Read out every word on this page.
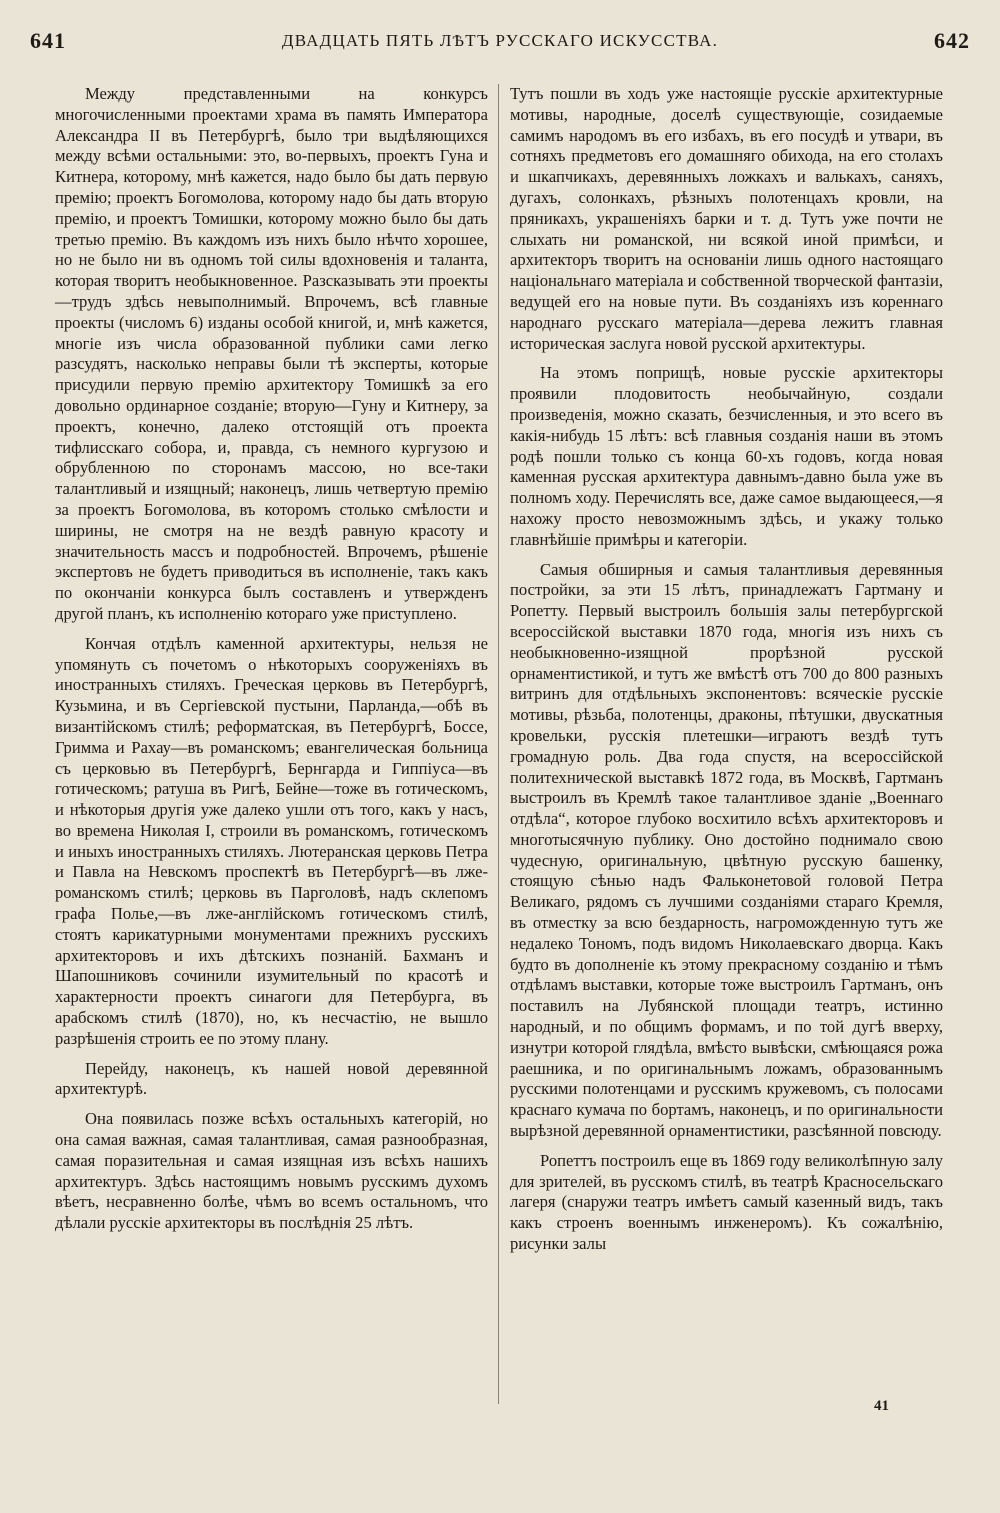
641	ДВАДЦАТЬ ПЯТЬ ЛѢТЪ РУССКАГО ИСКУССТВА.	642

Между представленными на конкурсъ многочисленными проектами храма въ память Императора Александра II въ Петербургѣ, было три выдѣляющихся между всѣми остальными: это, во-первыхъ, проектъ Гуна и Китнера, которому, мнѣ кажется, надо было бы дать первую премію; проектъ Богомолова, которому надо бы дать вторую премію, и проектъ Томишки, которому можно было бы дать третью премію. Въ каждомъ изъ нихъ было нѣчто хорошее, но не было ни въ одномъ той силы вдохновенія и таланта, которая творитъ необыкновенное. Разсказывать эти проекты—трудъ здѣсь невыполнимый. Впрочемъ, всѣ главные проекты (числомъ 6) изданы особой книгой, и, мнѣ кажется, многіе изъ числа образованной публики сами легко разсудятъ, насколько неправы были тѣ эксперты, которые присудили первую премію архитектору Томишкѣ за его довольно ординарное созданіе; вторую—Гуну и Китнеру, за проектъ, конечно, далеко отстоящій отъ проекта тифлисскаго собора, и, правда, съ немного кургузою и обрубленною по сторонамъ массою, но все-таки талантливый и изящный; наконецъ, лишь четвертую премію за проектъ Богомолова, въ которомъ столько смѣлости и ширины, не смотря на не вездѣ равную красоту и значительность массъ и подробностей. Впрочемъ, рѣшеніе экспертовъ не будетъ приводиться въ исполненіе, такъ какъ по окончаніи конкурса былъ составленъ и утвержденъ другой планъ, къ исполненію котораго уже приступлено.

Кончая отдѣлъ каменной архитектуры, нельзя не упомянуть съ почетомъ о нѣкоторыхъ сооруженіяхъ въ иностранныхъ стиляхъ. Греческая церковь въ Петербургѣ, Кузьмина, и въ Сергіевской пустыни, Парланда,—обѣ въ византійскомъ стилѣ; реформатская, въ Петербургѣ, Боссе, Гримма и Рахау—въ романскомъ; евангелическая больница съ церковью въ Петербургѣ, Бернгарда и Гиппіуса—въ готическомъ; ратуша въ Ригѣ, Бейне—тоже въ готическомъ, и нѣкоторыя другія уже далеко ушли отъ того, какъ у насъ, во времена Николая I, строили въ романскомъ, готическомъ и иныхъ иностранныхъ стиляхъ. Лютеранская церковь Петра и Павла на Невскомъ проспектѣ въ Петербургѣ—въ лже-романскомъ стилѣ; церковь въ Парголовѣ, надъ склепомъ графа Полье,—въ лже-англійскомъ готическомъ стилѣ, стоятъ карикатурными монументами прежнихъ русскихъ архитекторовъ и ихъ дѣтскихъ познаній. Бахманъ и Шапошниковъ сочинили изумительный по красотѣ и характерности проектъ синагоги для Петербурга, въ арабскомъ стилѣ (1870), но, къ несчастію, не вышло разрѣшенія строить ее по этому плану.

Перейду, наконецъ, къ нашей новой деревянной архитектурѣ.

Она появилась позже всѣхъ остальныхъ категорій, но она самая важная, самая талантливая, самая разнообразная, самая поразительная и самая изящная изъ всѣхъ нашихъ архитектуръ. Здѣсь настоящимъ новымъ русскимъ духомъ вѣетъ, несравненно болѣе, чѣмъ во всемъ остальномъ, что дѣлали русскіе архитекторы въ послѣднія 25 лѣтъ.

Тутъ пошли въ ходъ уже настоящіе русскіе архитектурные мотивы, народные, доселѣ существующіе, созидаемые самимъ народомъ въ его избахъ, въ его посудѣ и утвари, въ сотняхъ предметовъ его домашняго обихода, на его столахъ и шкапчикахъ, деревянныхъ ложкахъ и валькахъ, саняхъ, дугахъ, солонкахъ, рѣзныхъ полотенцахъ кровли, на пряникахъ, украшеніяхъ барки и т. д. Тутъ уже почти не слыхать ни романской, ни всякой иной примѣси, и архитекторъ творитъ на основаніи лишь одного настоящаго національнаго матеріала и собственной творческой фантазіи, ведущей его на новые пути. Въ созданіяхъ изъ кореннаго народнаго русскаго матеріала—дерева лежитъ главная историческая заслуга новой русской архитектуры.

На этомъ поприщѣ, новые русскіе архитекторы проявили плодовитость необычайную, создали произведенія, можно сказать, безчисленныя, и это всего въ какія-нибудь 15 лѣтъ: всѣ главныя созданія наши въ этомъ родѣ пошли только съ конца 60-хъ годовъ, когда новая каменная русская архитектура давнымъ-давно была уже въ полномъ ходу. Перечислять все, даже самое выдающееся,—я нахожу просто невозможнымъ здѣсь, и укажу только главнѣйшіе примѣры и категоріи.

Самыя обширныя и самыя талантливыя деревянныя постройки, за эти 15 лѣтъ, принадлежатъ Гартману и Ропетту. Первый выстроилъ большія залы петербургской всероссійской выставки 1870 года, многія изъ нихъ съ необыкновенно-изящной прорѣзной русской орнаментистикой, и тутъ же вмѣстѣ отъ 700 до 800 разныхъ витринъ для отдѣльныхъ экспонентовъ: всяческіе русскіе мотивы, рѣзьба, полотенцы, драконы, пѣтушки, двускатныя кровельки, русскія плетешки—играютъ вездѣ тутъ громадную роль. Два года спустя, на всероссійской политехнической выставкѣ 1872 года, въ Москвѣ, Гартманъ выстроилъ въ Кремлѣ такое талантливое зданіе „Военнаго отдѣла“, которое глубоко восхитило всѣхъ архитекторовъ и многотысячную публику. Оно достойно поднимало свою чудесную, оригинальную, цвѣтную русскую башенку, стоящую сѣнью надъ Фальконетовой головой Петра Великаго, рядомъ съ лучшими созданіями стараго Кремля, въ отместку за всю бездарность, нагроможденную тутъ же недалеко Тономъ, подъ видомъ Николаевскаго дворца. Какъ будто въ дополненіе къ этому прекрасному созданію и тѣмъ отдѣламъ выставки, которые тоже выстроилъ Гартманъ, онъ поставилъ на Лубянской площади театръ, истинно народный, и по общимъ формамъ, и по той дугѣ вверху, изнутри которой глядѣла, вмѣсто вывѣски, смѣющаяся рожа раешника, и по оригинальнымъ ложамъ, образованнымъ русскими полотенцами и русскимъ кружевомъ, съ полосами краснаго кумача по бортамъ, наконецъ, и по оригинальности вырѣзной деревянной орнаментистики, разсѣянной повсюду.

Ропеттъ построилъ еще въ 1869 году великолѣпную залу для зрителей, въ русскомъ стилѣ, въ театрѣ Красносельскаго лагеря (снаружи театръ имѣетъ самый казенный видъ, такъ какъ строенъ военнымъ инженеромъ). Къ сожалѣнію, рисунки залы

41
